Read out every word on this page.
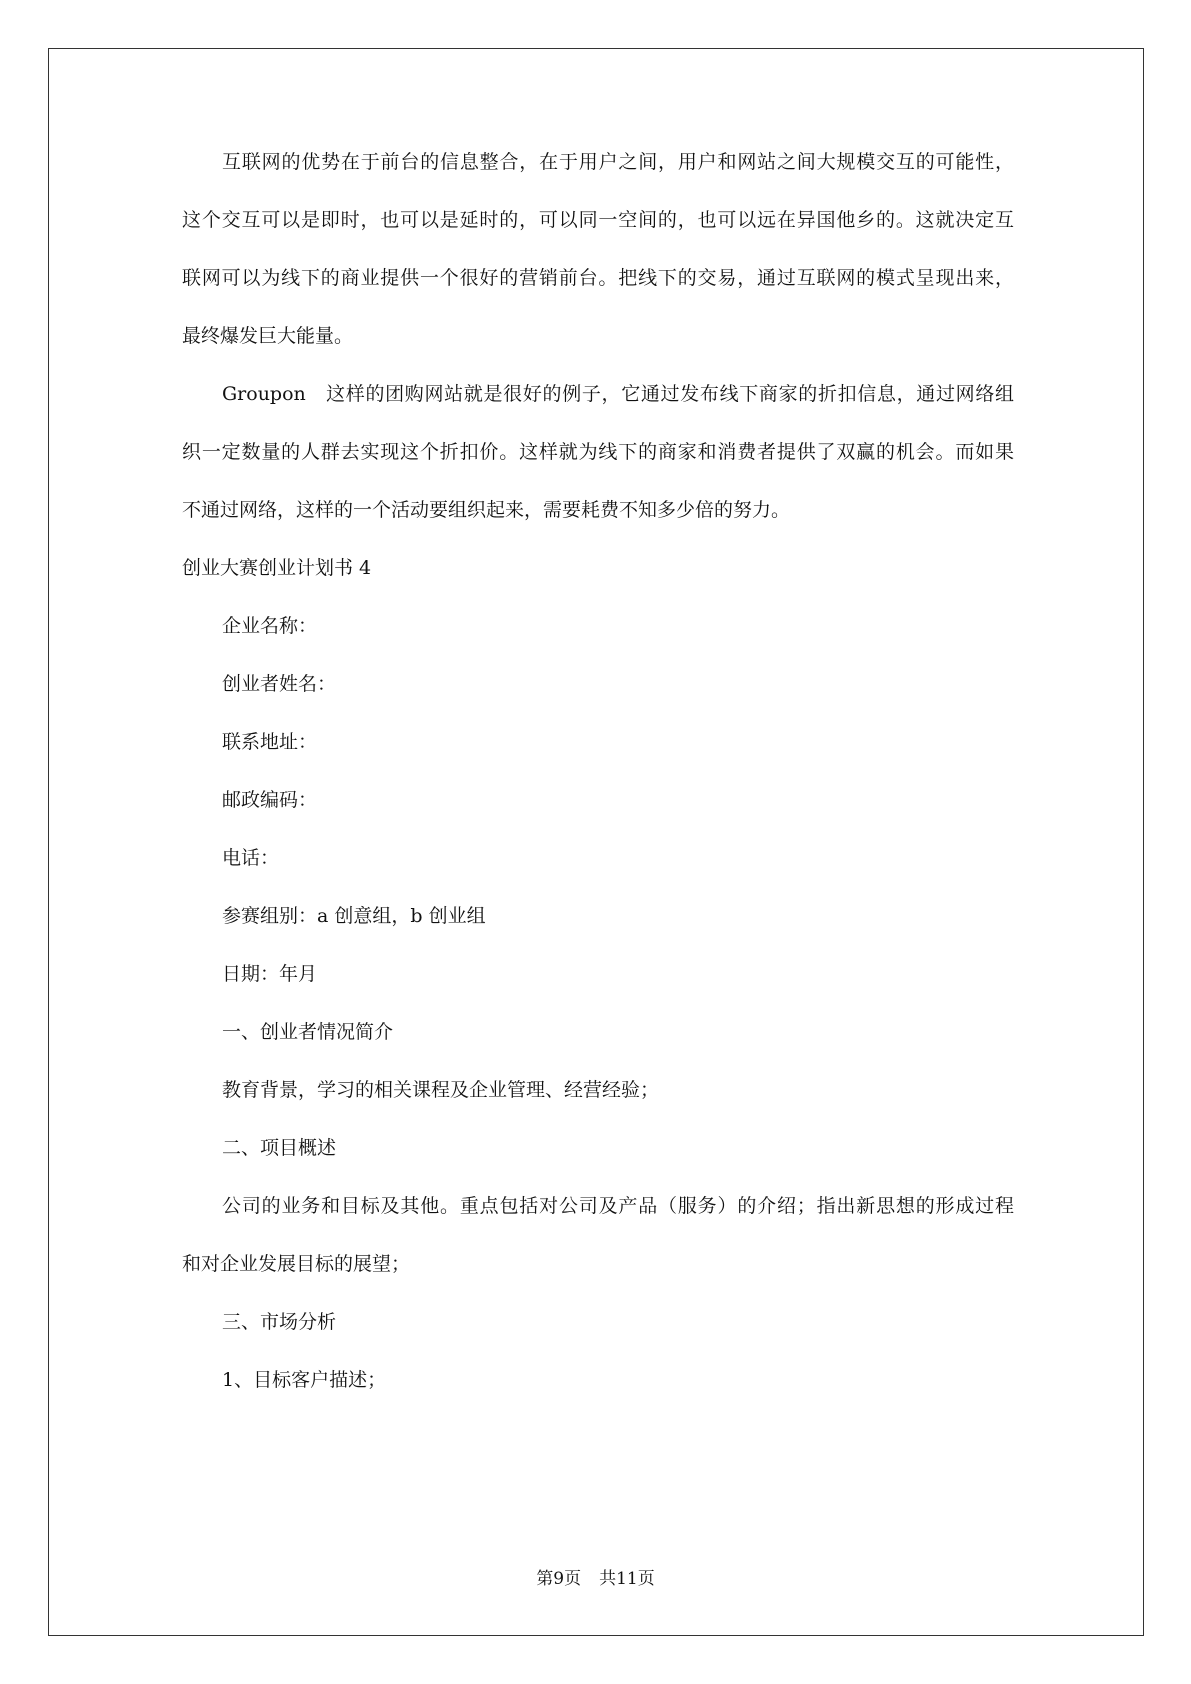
互联网的优势在于前台的信息整合，在于用户之间，用户和网站之间大规模交互的可能性，
这个交互可以是即时，也可以是延时的，可以同一空间的，也可以远在异国他乡的。这就决定互
联网可以为线下的商业提供一个很好的营销前台。把线下的交易，通过互联网的模式呈现出来，
最终爆发巨大能量。
Groupon　这样的团购网站就是很好的例子，它通过发布线下商家的折扣信息，通过网络组
织一定数量的人群去实现这个折扣价。这样就为线下的商家和消费者提供了双赢的机会。而如果
不通过网络，这样的一个活动要组织起来，需要耗费不知多少倍的努力。
创业大赛创业计划书 4
企业名称：
创业者姓名：
联系地址：
邮政编码：
电话：
参赛组别：a 创意组，b 创业组
日期：年月
一、创业者情况简介
教育背景，学习的相关课程及企业管理、经营经验；
二、项目概述
公司的业务和目标及其他。重点包括对公司及产品（服务）的介绍；指出新思想的形成过程
和对企业发展目标的展望；
三、市场分析
1、目标客户描述；
第9页 共11页
